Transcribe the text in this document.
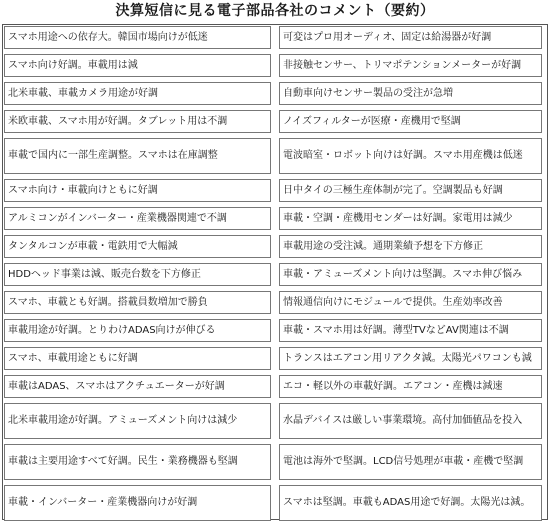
決算短信に見る電子部品各社のコメント（要約）
スマホ用途への依存大。韓国市場向けが低迷	可変はプロ用オーディオ、固定は給湯器が好調
スマホ向け好調。車載用は減	非接触センサー、トリマポテンションメーターが好調
北米車載、車載カメラ用途が好調	自動車向けセンサー製品の受注が急増
米欧車載、スマホ用が好調。タブレット用は不調	ノイズフィルターが医療・産機用で堅調
車載で国内に一部生産調整。スマホは在庫調整	電波暗室・ロボット向けは好調。スマホ用産機は低迷
スマホ向け・車載向けともに好調	日中タイの三極生産体制が完了。空調製品も好調
アルミコンがインバーター・産業機器関連で不調	車載・空調・産機用センダーは好調。家電用は減少
タンタルコンが車載・電鉄用で大幅減	車載用途の受注減。通期業績予想を下方修正
HDDヘッド事業は減、販売台数を下方修正	車載・アミューズメント向けは堅調。スマホ伸び悩み
スマホ、車載とも好調。搭載員数増加で勝負	情報通信向けにモジュールで提供。生産効率改善
車載用途が好調。とりわけADAS向けが伸びる	車載・スマホ用は好調。薄型TVなどAV関連は不調
スマホ、車載用途ともに好調	トランスはエアコン用リアクタ減。太陽光パワコンも減
車載はADAS、スマホはアクチュエーターが好調	エコ・軽以外の車載好調。エアコン・産機は減速
北米車載用途が好調。アミューズメント向けは減少	水晶デバイスは厳しい事業環境。高付加価値品を投入
車載は主要用途すべて好調。民生・業務機器も堅調	電池は海外で堅調。LCD信号処理が車載・産機で堅調
車載・インバーター・産業機器向けが好調	スマホは堅調。車載もADAS用途で好調。太陽光は減。
